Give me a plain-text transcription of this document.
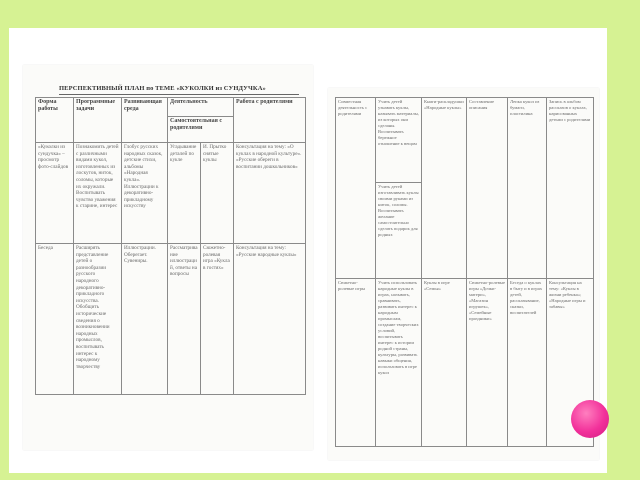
ПЕРСПЕКТИВНЫЙ ПЛАН по ТЕМЕ «КУКОЛКИ из СУНДУЧКА»
Форма работы	Программные задачи	Развивающая среда	Деятельность		Работа с родителями
			Самостоятельная с родителями		
«Куколки из сундучка» – просмотр фото-слайдов	Познакомить детей с различными видами кукол, изготовленных из лоскутов, ниток, соломы, которые их окружали. Воспитывать чувство уважения к старине, интерес	Глобус русских народных сказок, детские стихи, альбомы «Народная кукла». Иллюстрации к декоративно-прикладному искусству	Угадывание деталей по кукле	И. Прытко снятые куклы	Консультация на тему: «О куклах в народной культуре». «Русские обереги в воспитании дошкольников»
Беседа	Расширять представление детей о разнообразии русского народного декоративно-прикладного искусства. Обобщить исторические сведения о возникновении народных промыслов, воспитывать интерес к народному творчеству	Иллюстрации. Оберегает. Сувениры.	Рассматривание иллюстраций, ответы на вопросы	Сюжетно-ролевая игра «Кукла в гостях»	Консультация на тему: «Русские народные куклы»
Совместная деятельность с родителями	Учить детей узнавать куклы, называть материалы, из которых они сделаны. Воспитывать бережное отношение к вещам	Книги-раскладушки «Народные куклы»	Составление описания	Лепка кукол из бумаги, пластилина	Запись в альбом рассказов о куклах, нарисованных детьми с родителями
	Учить детей изготавливать куклы своими руками из ниток, соломы. Воспитывать желание самостоятельно сделать подарок для родных				
Сюжетно-ролевые игры	Учить использовать народные куклы в играх, называть, сравнивать, развивать интерес к народным промыслам, создание творческих условий, воспитывать интерес к истории родной страны, культуры, развивать навыки общения, использовать в игре кукол	Куклы в игре «Семья»	Сюжетно-ролевые игры «Дочки-матери», «Магазин игрушек», «Семейные праздники»	Беседа о куклах в быту и в играх детей, рассказывание, сказки, воспитателей	Консультация на тему: «Куклы в жизни ребенка»; «Народные игры и забавы»
